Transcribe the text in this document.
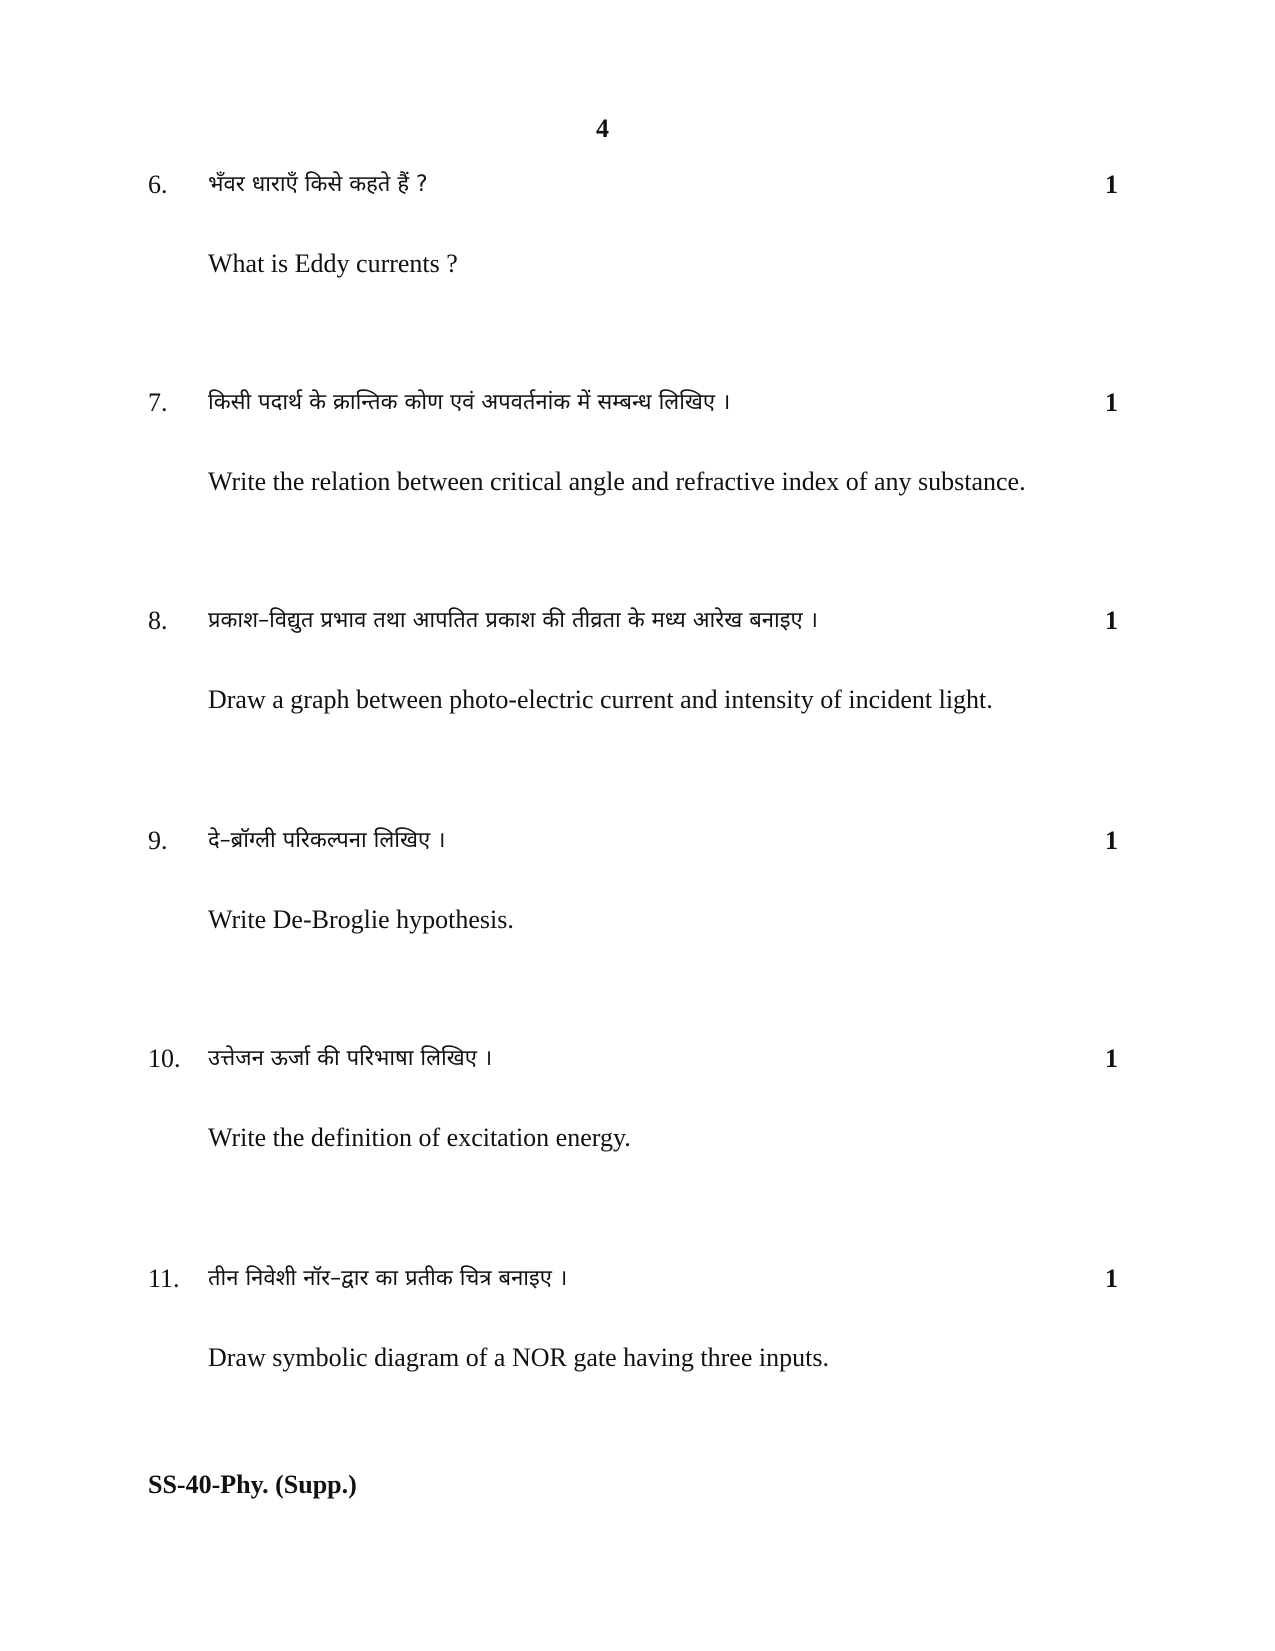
4
6. भँवर धाराएँ किसे कहते हैं ?	1
What is Eddy currents ?
7. किसी पदार्थ के क्रान्तिक कोण एवं अपवर्तनांक में सम्बन्ध लिखिए ।	1
Write the relation between critical angle and refractive index of any substance.
8. प्रकाश–विद्युत प्रभाव तथा आपतित प्रकाश की तीव्रता के मध्य आरेख बनाइए ।	1
Draw a graph between photo-electric current and intensity of incident light.
9. दे–ब्रॉग्ली परिकल्पना लिखिए ।	1
Write De-Broglie hypothesis.
10. उत्तेजन ऊर्जा की परिभाषा लिखिए ।	1
Write the definition of excitation energy.
11. तीन निवेशी नॉर–द्वार का प्रतीक चित्र बनाइए ।	1
Draw symbolic diagram of a NOR gate having three inputs.
SS-40-Phy. (Supp.)
